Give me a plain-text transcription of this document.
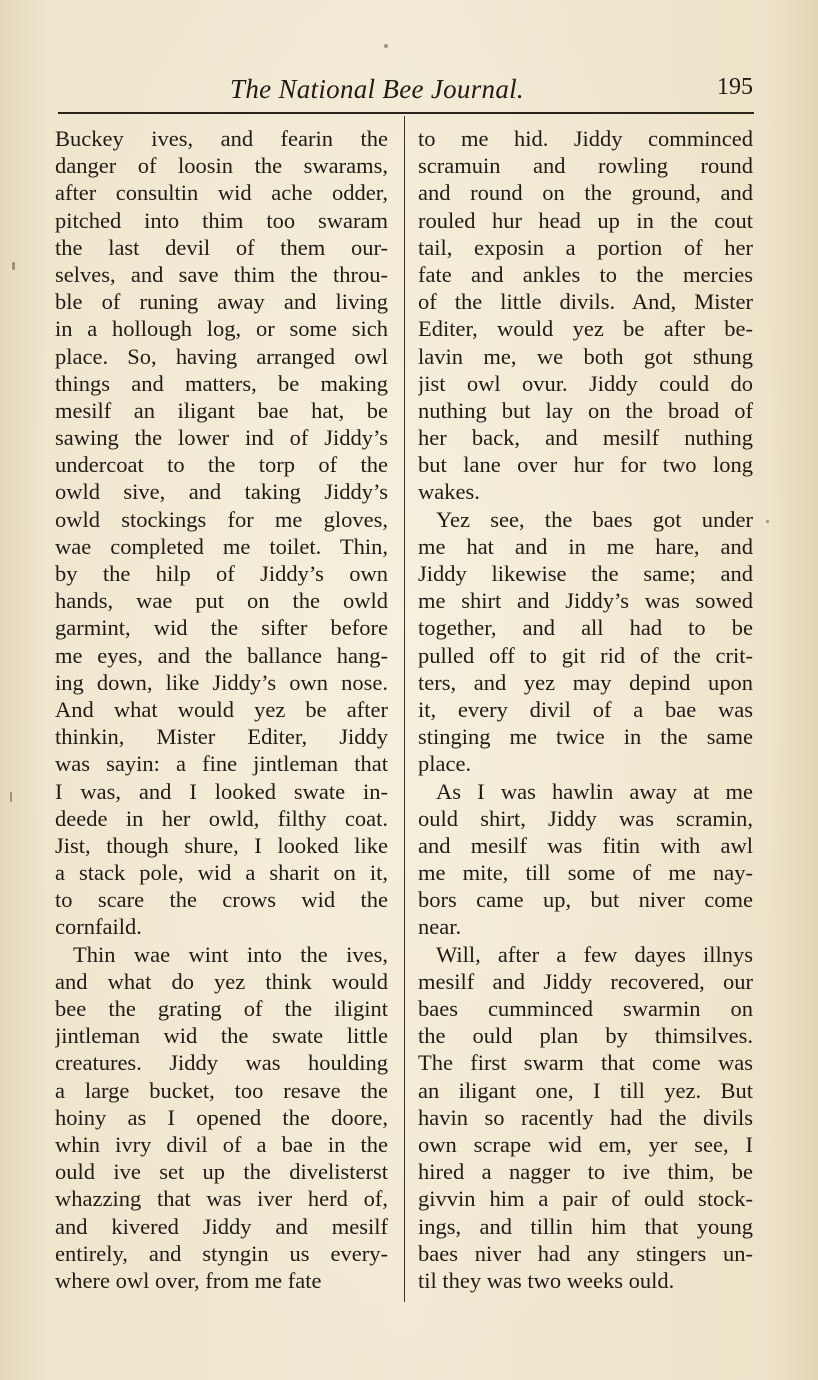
The National Bee Journal.	195
Buckey ives, and fearin the
danger of loosin the swarams,
after consultin wid ache odder,
pitched into thim too swaram
the last devil of them our-
selves, and save thim the throu-
ble of runing away and living
in a hollough log, or some sich
place. So, having arranged owl
things and matters, be making
mesilf an iligant bae hat, be
sawing the lower ind of Jiddy’s
undercoat to the torp of the
owld sive, and taking Jiddy’s
owld stockings for me gloves,
wae completed me toilet. Thin,
by the hilp of Jiddy’s own
hands, wae put on the owld
garmint, wid the sifter before
me eyes, and the ballance hang-
ing down, like Jiddy’s own nose.
And what would yez be after
thinkin, Mister Editer, Jiddy
was sayin: a fine jintleman that
I was, and I looked swate in-
deede in her owld, filthy coat.
Jist, though shure, I looked like
a stack pole, wid a sharit on it,
to scare the crows wid the
cornfaild.
Thin wae wint into the ives,
and what do yez think would
bee the grating of the iligint
jintleman wid the swate little
creatures. Jiddy was houlding
a large bucket, too resave the
hoiny as I opened the doore,
whin ivry divil of a bae in the
ould ive set up the divelisterst
whazzing that was iver herd of,
and kivered Jiddy and mesilf
entirely, and styngin us every-
where owl over, from me fate
to me hid. Jiddy comminced
scramuin and rowling round
and round on the ground, and
rouled hur head up in the cout
tail, exposin a portion of her
fate and ankles to the mercies
of the little divils. And, Mister
Editer, would yez be after be-
lavin me, we both got sthung
jist owl ovur. Jiddy could do
nuthing but lay on the broad of
her back, and mesilf nuthing
but lane over hur for two long
wakes.
Yez see, the baes got under
me hat and in me hare, and
Jiddy likewise the same; and
me shirt and Jiddy’s was sowed
together, and all had to be
pulled off to git rid of the crit-
ters, and yez may depind upon
it, every divil of a bae was
stinging me twice in the same
place.
As I was hawlin away at me
ould shirt, Jiddy was scramin,
and mesilf was fitin with awl
me mite, till some of me nay-
bors came up, but niver come
near.
Will, after a few dayes illnys
mesilf and Jiddy recovered, our
baes cumminced swarmin on
the ould plan by thimsilves.
The first swarm that come was
an iligant one, I till yez. But
havin so racently had the divils
own scrape wid em, yer see, I
hired a nagger to ive thim, be
givvin him a pair of ould stock-
ings, and tillin him that young
baes niver had any stingers un-
til they was two weeks ould.
